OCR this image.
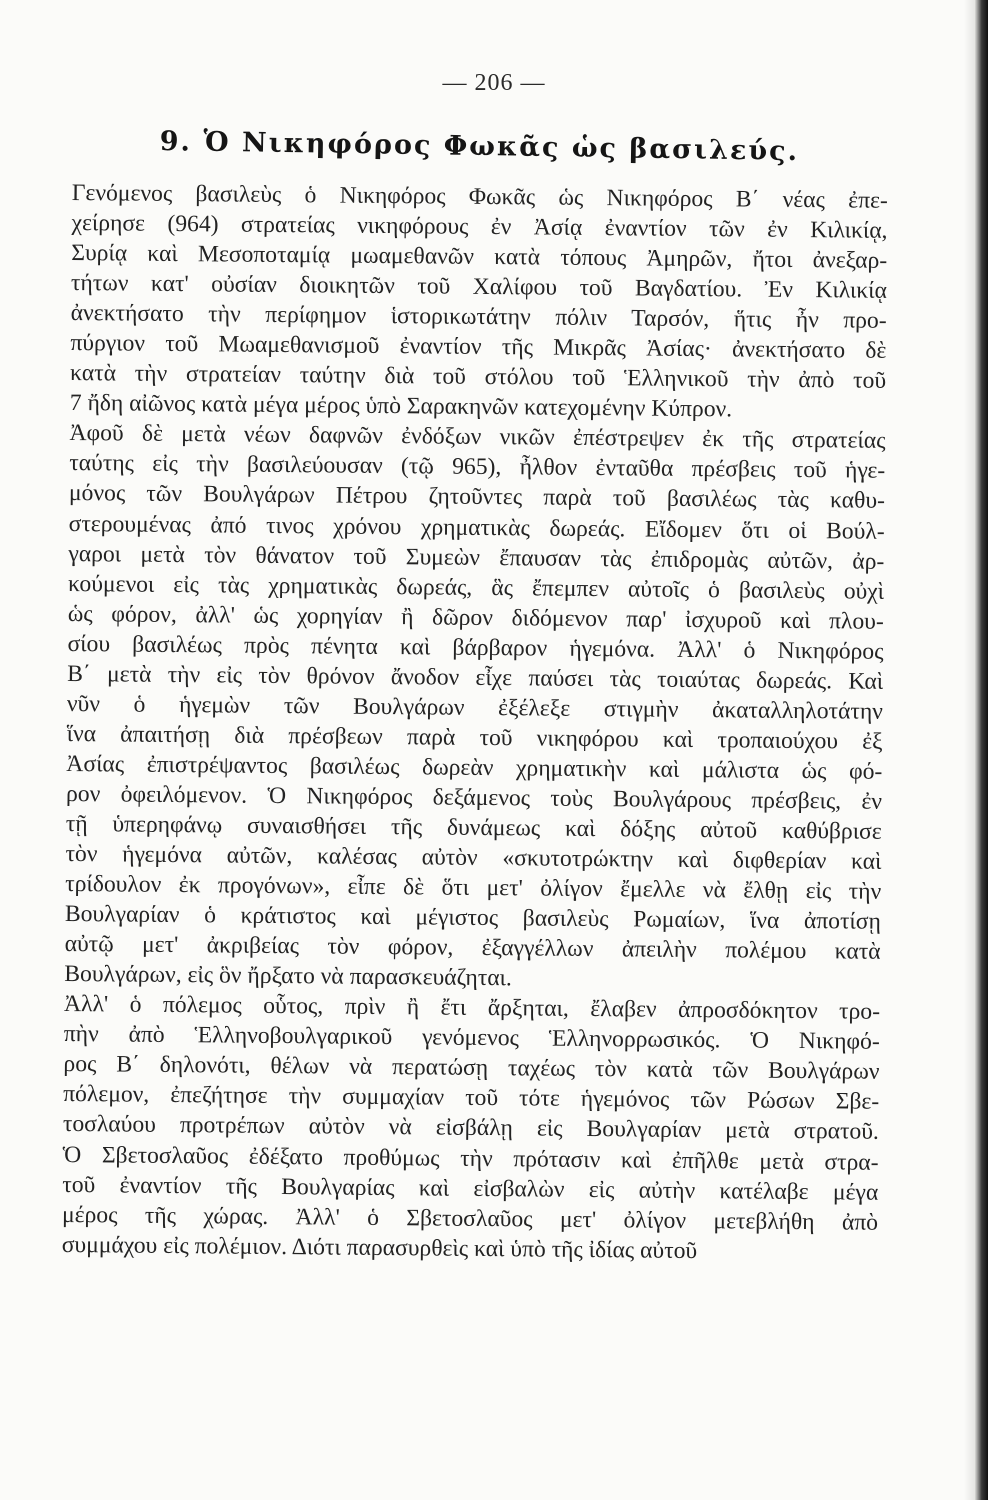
— 206 —
9. Ὁ Νικηφόρος Φωκᾶς ὡς βασιλεύς.
Γενόμενος βασιλεὺς ὁ Νικηφόρος Φωκᾶς ὡς Νικηφόρος Β΄ νέας ἐπε-
χείρησε (964) στρατείας νικηφόρους ἐν Ἀσίᾳ ἐναντίον τῶν ἐν Κιλικίᾳ,
Συρίᾳ καὶ Μεσοποταμίᾳ μωαμεθανῶν κατὰ τόπους Ἀμηρῶν, ἤτοι ἀνεξαρ-
τήτων κατ' οὐσίαν διοικητῶν τοῦ Χαλίφου τοῦ Βαγδατίου. Ἐν Κιλικίᾳ
ἀνεκτήσατο τὴν περίφημον ἱστορικωτάτην πόλιν Ταρσόν, ἥτις ἦν προ-
πύργιον τοῦ Μωαμεθανισμοῦ ἐναντίον τῆς Μικρᾶς Ἀσίας· ἀνεκτήσατο δὲ
κατὰ τὴν στρατείαν ταύτην διὰ τοῦ στόλου τοῦ Ἑλληνικοῦ τὴν ἀπὸ τοῦ
7 ἤδη αἰῶνος κατὰ μέγα μέρος ὑπὸ Σαρακηνῶν κατεχομένην Κύπρον.
Ἀφοῦ δὲ μετὰ νέων δαφνῶν ἐνδόξων νικῶν ἐπέστρεψεν ἐκ τῆς στρατείας
ταύτης εἰς τὴν βασιλεύουσαν (τῷ 965), ἦλθον ἐνταῦθα πρέσβεις τοῦ ἡγε-
μόνος τῶν Βουλγάρων Πέτρου ζητοῦντες παρὰ τοῦ βασιλέως τὰς καθυ-
στερουμένας ἀπό τινος χρόνου χρηματικὰς δωρεάς. Εἴδομεν ὅτι οἱ Βούλ-
γαροι μετὰ τὸν θάνατον τοῦ Συμεὼν ἔπαυσαν τὰς ἐπιδρομὰς αὐτῶν, ἀρ-
κούμενοι εἰς τὰς χρηματικὰς δωρεάς, ἃς ἔπεμπεν αὐτοῖς ὁ βασιλεὺς οὐχὶ
ὡς φόρον, ἀλλ' ὡς χορηγίαν ἢ δῶρον διδόμενον παρ' ἰσχυροῦ καὶ πλου-
σίου βασιλέως πρὸς πένητα καὶ βάρβαρον ἡγεμόνα. Ἀλλ' ὁ Νικηφόρος
Β΄ μετὰ τὴν εἰς τὸν θρόνον ἄνοδον εἶχε παύσει τὰς τοιαύτας δωρεάς. Καὶ
νῦν ὁ ἡγεμὼν τῶν Βουλγάρων ἐξέλεξε στιγμὴν ἀκαταλληλοτάτην
ἵνα ἀπαιτήσῃ διὰ πρέσβεων παρὰ τοῦ νικηφόρου καὶ τροπαιούχου ἐξ
Ἀσίας ἐπιστρέψαντος βασιλέως δωρεὰν χρηματικὴν καὶ μάλιστα ὡς φό-
ρον ὀφειλόμενον. Ὁ Νικηφόρος δεξάμενος τοὺς Βουλγάρους πρέσβεις, ἐν
τῇ ὑπερηφάνῳ συναισθήσει τῆς δυνάμεως καὶ δόξης αὐτοῦ καθύβρισε
τὸν ἡγεμόνα αὐτῶν, καλέσας αὐτὸν «σκυτοτρώκτην καὶ διφθερίαν καὶ
τρίδουλον ἐκ προγόνων», εἶπε δὲ ὅτι μετ' ὀλίγον ἔμελλε νὰ ἔλθῃ εἰς τὴν
Βουλγαρίαν ὁ κράτιστος καὶ μέγιστος βασιλεὺς Ρωμαίων, ἵνα ἀποτίσῃ
αὐτῷ μετ' ἀκριβείας τὸν φόρον, ἐξαγγέλλων ἀπειλὴν πολέμου κατὰ
Βουλγάρων, εἰς ὃν ἤρξατο νὰ παρασκευάζηται.
Ἀλλ' ὁ πόλεμος οὗτος, πρὶν ἢ ἔτι ἄρξηται, ἔλαβεν ἀπροσδόκητον τρο-
πὴν ἀπὸ Ἑλληνοβουλγαρικοῦ γενόμενος Ἑλληνορρωσικός. Ὁ Νικηφό-
ρος Β΄ δηλονότι, θέλων νὰ περατώσῃ ταχέως τὸν κατὰ τῶν Βουλγάρων
πόλεμον, ἐπεζήτησε τὴν συμμαχίαν τοῦ τότε ἡγεμόνος τῶν Ρώσων Σβε-
τοσλαύου προτρέπων αὐτὸν νὰ εἰσβάλῃ εἰς Βουλγαρίαν μετὰ στρατοῦ.
Ὁ Σβετοσλαῦος ἐδέξατο προθύμως τὴν πρότασιν καὶ ἐπῆλθε μετὰ στρα-
τοῦ ἐναντίον τῆς Βουλγαρίας καὶ εἰσβαλὼν εἰς αὐτὴν κατέλαβε μέγα
μέρος τῆς χώρας. Ἀλλ' ὁ Σβετοσλαῦος μετ' ὀλίγον μετεβλήθη ἀπὸ
συμμάχου εἰς πολέμιον. Διότι παρασυρθεὶς καὶ ὑπὸ τῆς ἰδίας αὐτοῦ
